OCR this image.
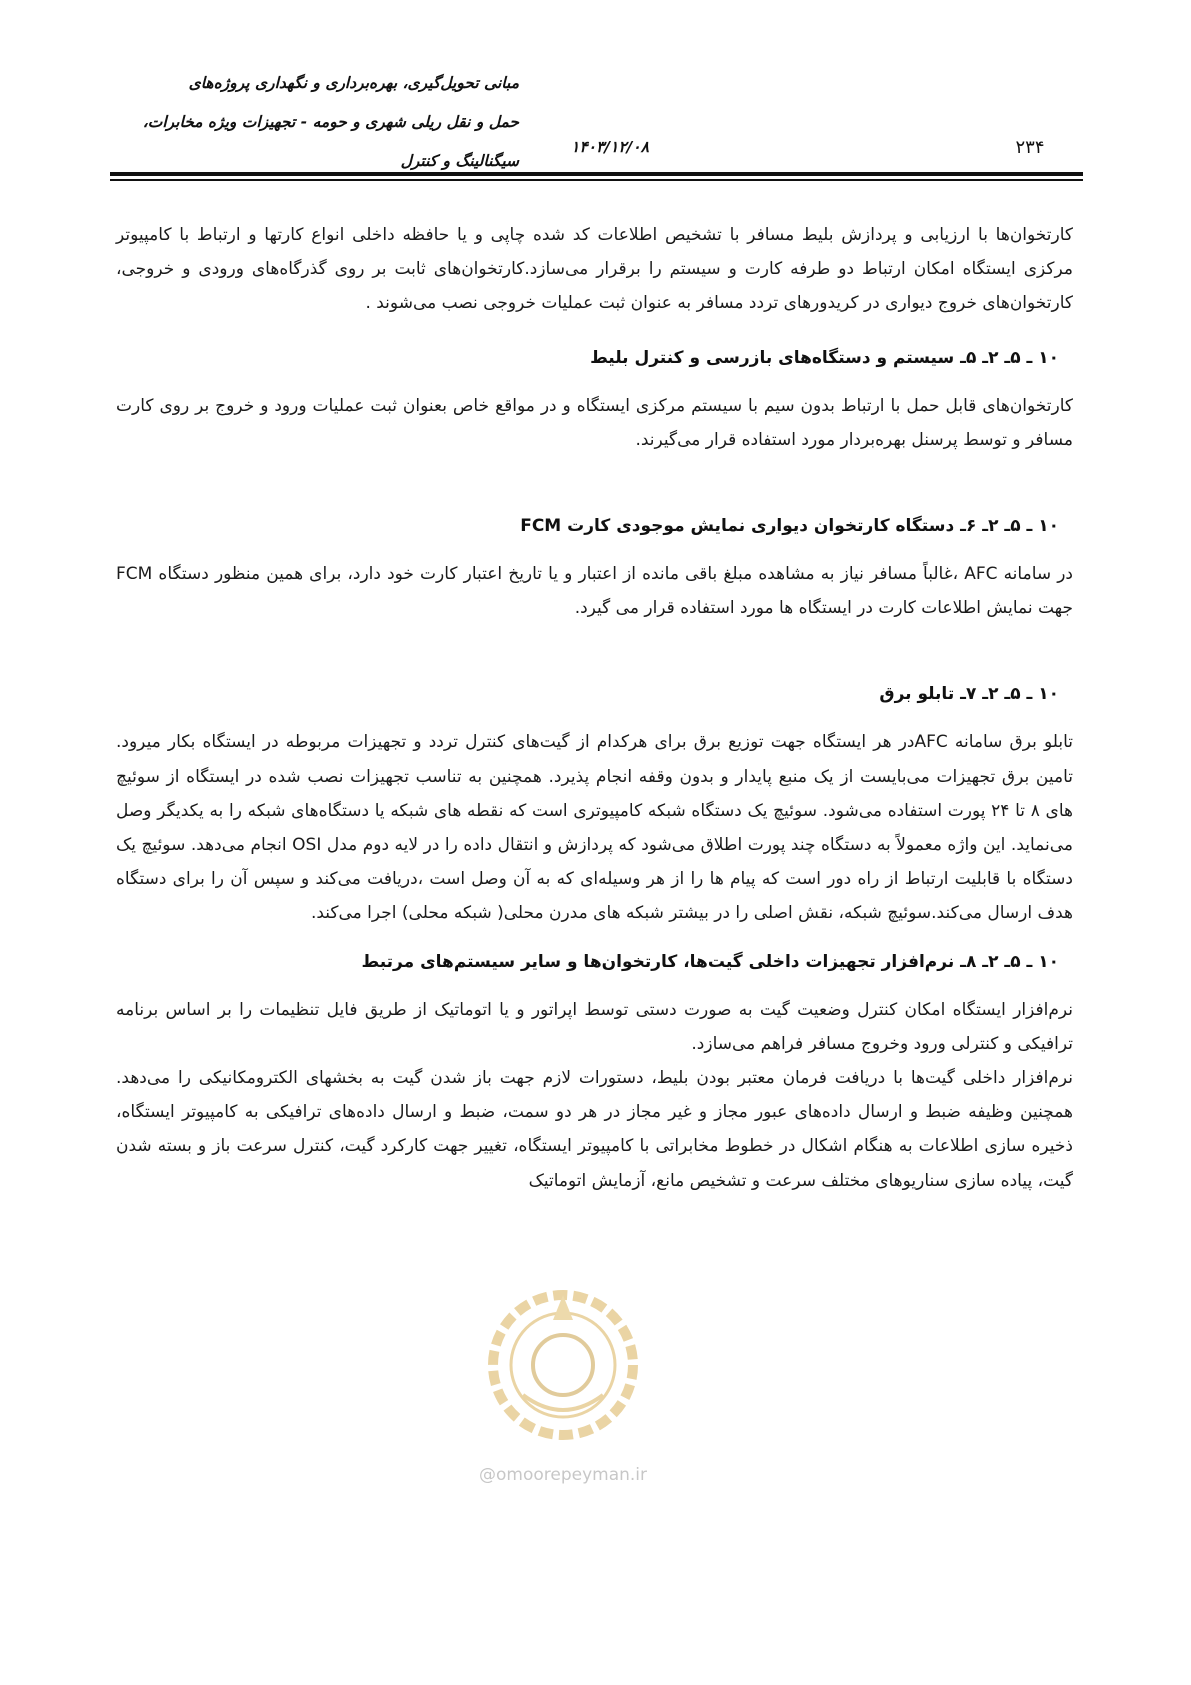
مبانی تحویل‌گیری، بهره‌برداری و نگهداری پروژه‌های
حمل و نقل ریلی شهری و حومه - تجهیزات ویژه مخابرات،
سیگنالینگ و کنترل
۱۴۰۳/۱۲/۰۸	۲۳۴

کارتخوان‌ها با ارزیابی و پردازش بلیط مسافر با تشخیص اطلاعات کد شده چاپی و یا حافظه داخلی انواع کارتها و ارتباط با کامپیوتر مرکزی ایستگاه امکان ارتباط دو طرفه کارت و سیستم را برقرار می‌سازد.کارتخوان‌های ثابت بر روی گذرگاه‌های ورودی و خروجی، کارتخوان‌های خروج دیواری در کریدورهای تردد مسافر به عنوان ثبت عملیات خروجی نصب می‌شوند .

۱۰ ـ ۵ـ ۲ـ ۵ـ سیستم و دستگاه‌های بازرسی و کنترل بلیط

کارتخوان‌های قابل حمل با ارتباط بدون سیم با سیستم مرکزی ایستگاه و در مواقع خاص بعنوان ثبت عملیات ورود و خروج بر روی کارت مسافر و توسط پرسنل بهره‌بردار مورد استفاده قرار می‌گیرند.

۱۰ ـ ۵ـ ۲ـ ۶ـ دستگاه کارتخوان دیواری نمایش موجودی کارت FCM

در سامانه AFC ،غالباً مسافر نیاز به مشاهده مبلغ باقی مانده از اعتبار و یا تاریخ اعتبار کارت خود دارد، برای همین منظور دستگاه FCM جهت نمایش اطلاعات کارت در ایستگاه ها مورد استفاده قرار می گیرد.

۱۰ ـ ۵ـ ۲ـ ۷ـ تابلو برق

تابلو برق سامانه AFCدر هر ایستگاه جهت توزیع برق برای هرکدام از گیت‌های کنترل تردد و تجهیزات مربوطه در ایستگاه بکار میرود. تامین برق تجهیزات می‌بایست از یک منبع پایدار و بدون وقفه انجام پذیرد. همچنین به تناسب تجهیزات نصب شده در ایستگاه از سوئیچ های ۸ تا ۲۴ پورت استفاده می‌شود. سوئیچ یک دستگاه شبکه کامپیوتری است که نقطه های شبکه یا دستگاه‌های شبکه را به یکدیگر وصل می‌نماید. این واژه معمولاً به دستگاه چند پورت اطلاق می‌شود که پردازش و انتقال داده را در لایه دوم مدل OSI انجام می‌دهد. سوئیچ یک دستگاه با قابلیت ارتباط از راه دور است که پیام ها را از هر وسیله‌ای که به آن وصل است ،دریافت می‌کند و سپس آن را برای دستگاه هدف ارسال می‌کند.سوئیچ شبکه، نقش اصلی را در بیشتر شبکه های مدرن محلی( شبکه محلی) اجرا می‌کند.

۱۰ ـ ۵ـ ۲ـ ۸ـ نرم‌افزار تجهیزات داخلی گیت‌ها، کارتخوان‌ها و سایر سیستم‌های مرتبط

نرم‌افزار ایستگاه امکان کنترل وضعیت گیت به صورت دستی توسط اپراتور و یا اتوماتیک از طریق فایل تنظیمات را بر اساس برنامه ترافیکی و کنترلی ورود وخروج مسافر فراهم می‌سازد.

نرم‌افزار داخلی گیت‌ها با دریافت فرمان معتبر بودن بلیط، دستورات لازم جهت باز شدن گیت به بخشهای الکترومکانیکی را می‌دهد. همچنین وظیفه ضبط و ارسال داده‌های عبور مجاز و غیر مجاز در هر دو سمت، ضبط و ارسال داده‌های ترافیکی به کامپیوتر ایستگاه، ذخیره سازی اطلاعات به هنگام اشکال در خطوط مخابراتی با کامپیوتر ایستگاه، تغییر جهت کارکرد گیت، کنترل سرعت باز و بسته شدن گیت، پیاده سازی سناریوهای مختلف سرعت و تشخیص مانع، آزمایش اتوماتیک

@omoorepeyman.ir
